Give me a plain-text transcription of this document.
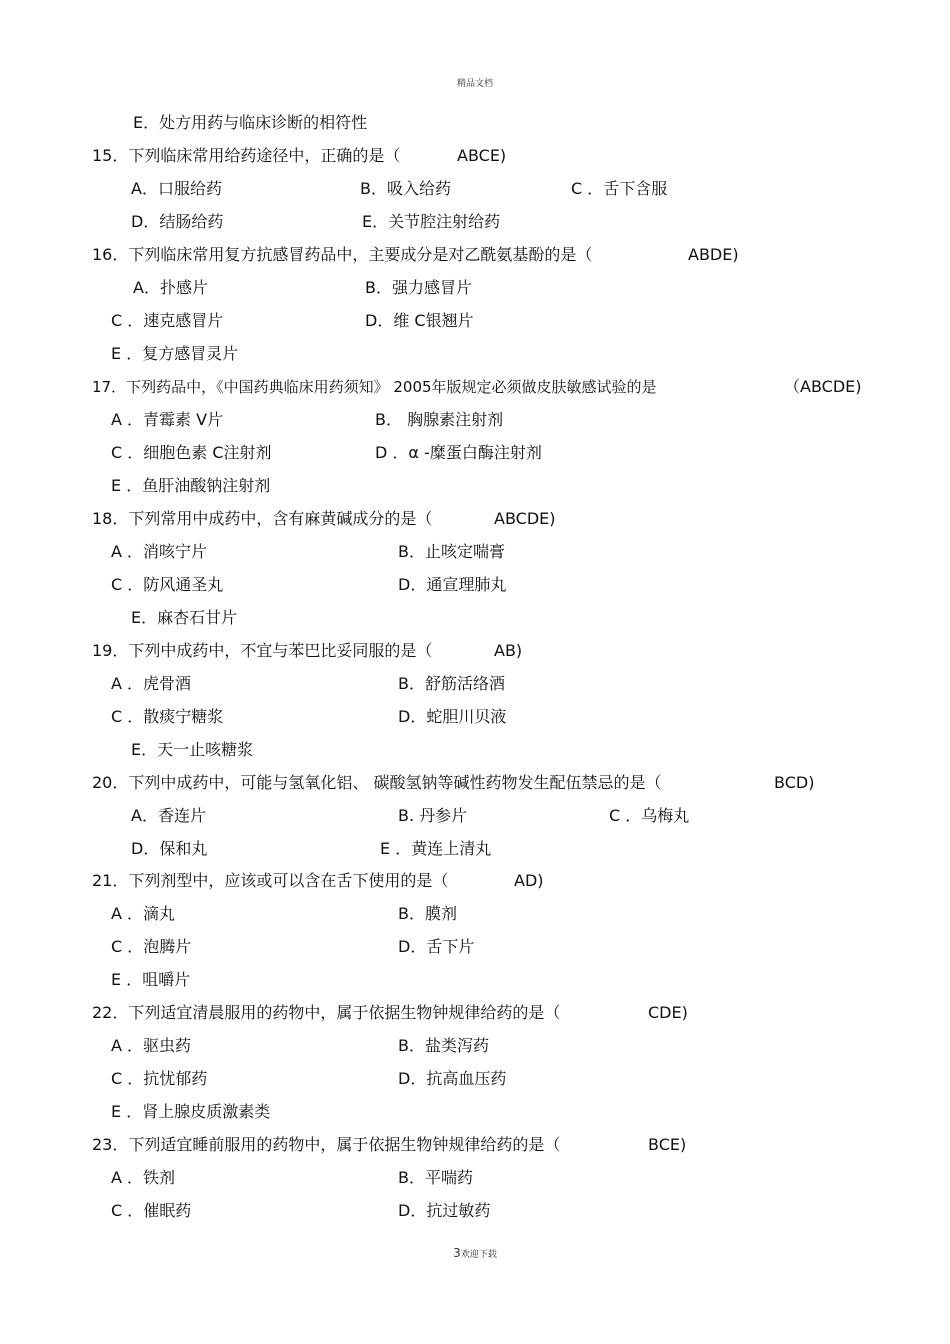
精品文档
E．处方用药与临床诊断的相符性
15．下列临床常用给药途径中，正确的是（	ABCE)
A．口服给药	B．吸入给药	C ．舌下含服
D．结肠给药	E．关节腔注射给药
16．下列临床常用复方抗感冒药品中，主要成分是对乙酰氨基酚的是（	ABDE)
A．扑感片	B．强力感冒片
C ．速克感冒片	D．维 C银翘片
E ．复方感冒灵片
17．下列药品中，《中国药典临床用药须知》 2005年版规定必须做皮肤敏感试验的是	（ABCDE)
A ．青霉素 V片	B． 胸腺素注射剂
C ．细胞色素 C注射剂	D ．α -糜蛋白酶注射剂
E ．鱼肝油酸钠注射剂
18．下列常用中成药中，含有麻黄碱成分的是（	ABCDE)
A ．消咳宁片	B．止咳定喘膏
C ．防风通圣丸	D．通宣理肺丸
E．麻杏石甘片
19．下列中成药中，不宜与苯巴比妥同服的是（	AB)
A ．虎骨酒	B．舒筋活络酒
C ．散痰宁糖浆	D．蛇胆川贝液
E．天一止咳糖浆
20．下列中成药中，可能与氢氧化铝、 碳酸氢钠等碱性药物发生配伍禁忌的是（	BCD)
A．香连片	B. 丹参片	C ．乌梅丸
D．保和丸	E ．黄连上清丸
21．下列剂型中，应该或可以含在舌下使用的是（	AD)
A ．滴丸	B．膜剂
C ．泡腾片	D．舌下片
E ．咀嚼片
22．下列适宜清晨服用的药物中，属于依据生物钟规律给药的是（	CDE)
A ．驱虫药	B．盐类泻药
C ．抗忧郁药	D．抗高血压药
E ．肾上腺皮质激素类
23．下列适宜睡前服用的药物中，属于依据生物钟规律给药的是（	BCE)
A ．铁剂	B．平喘药
C ．催眠药	D．抗过敏药
3欢迎下载
